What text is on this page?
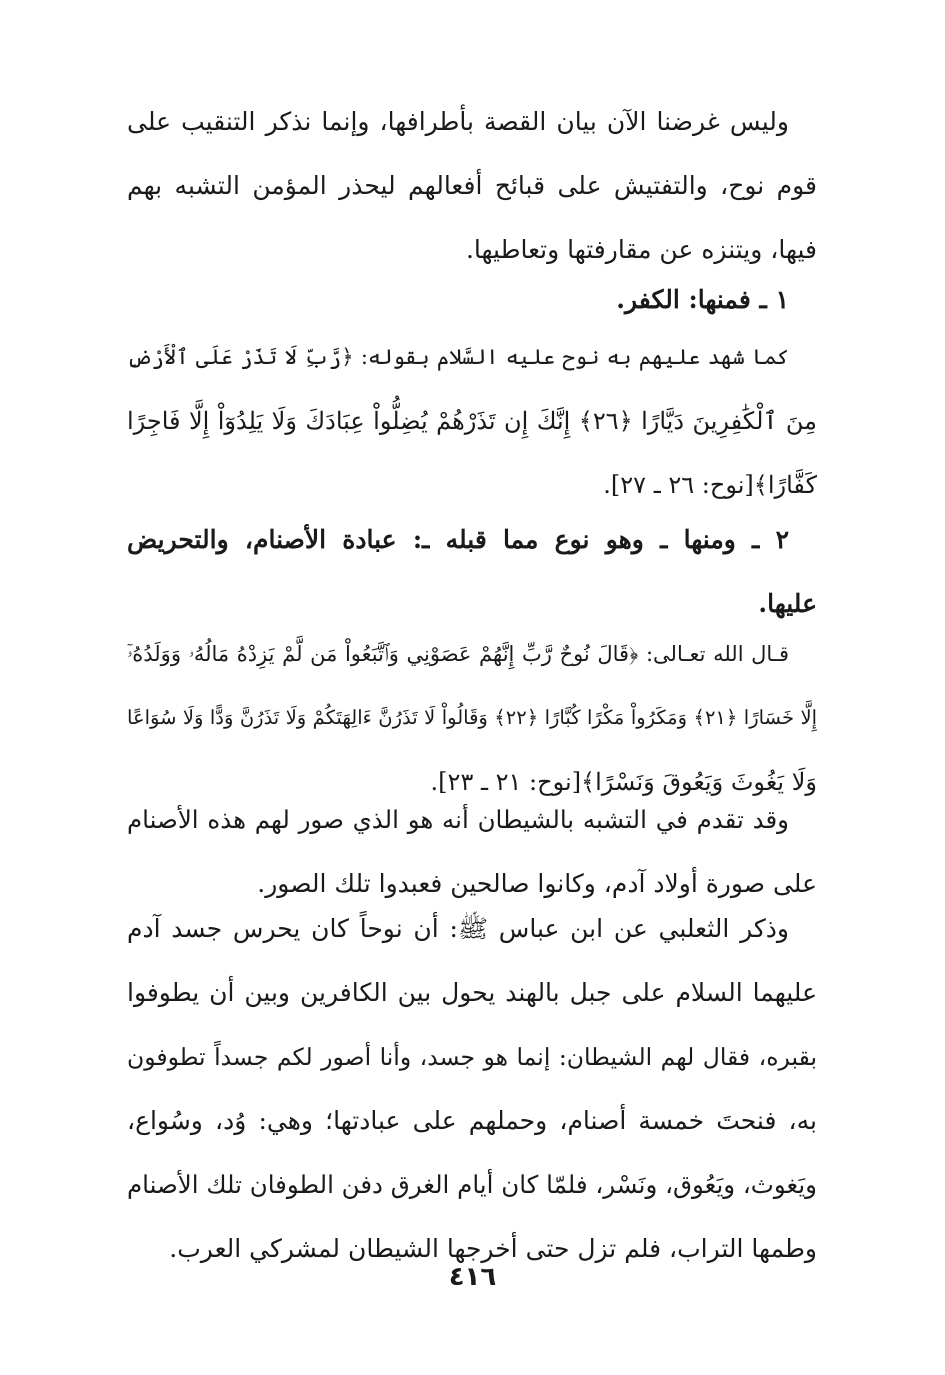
وليس غرضنا الآن بيان القصة بأطرافها، وإنما نذكر التنقيب على
قوم نوح، والتفتيش على قبائح أفعالهم ليحذر المؤمن التشبه بهم
فيها، ويتنزه عن مقارفتها وتعاطيها.
١ ـ فمنها: الكفر.
كما شهد عليهم به نوح عليه السَّلام بقوله: ﴿رَّبِّ لَا تَذَرْ عَلَى ٱلْأَرْضِ
مِنَ ٱلْكَٰفِرِينَ دَيَّارًا ﴿٢٦﴾ إِنَّكَ إِن تَذَرْهُمْ يُضِلُّواْ عِبَادَكَ وَلَا يَلِدُوٓاْ إِلَّا فَاجِرًا
كَفَّارًا﴾[نوح: ٢٦ ـ ٢٧].
٢ ـ ومنها ـ وهو نوع مما قبله ـ: عبادة الأصنام، والتحريض
عليها.
قـال الله تعـالى: ﴿قَالَ نُوحٌ رَّبِّ إِنَّهُمْ عَصَوْنِي وَٱتَّبَعُواْ مَن لَّمْ يَزِدْهُ مَالُهُۥ وَوَلَدُهُۥٓ
إِلَّا خَسَارًا ﴿٢١﴾ وَمَكَرُواْ مَكْرًا كُبَّارًا ﴿٢٢﴾ وَقَالُواْ لَا تَذَرُنَّ ءَالِهَتَكُمْ وَلَا تَذَرُنَّ وَدًّا وَلَا سُوَاعًا
وَلَا يَغُوثَ وَيَعُوقَ وَنَسْرًا﴾[نوح: ٢١ ـ ٢٣].
وقد تقدم في التشبه بالشيطان أنه هو الذي صور لهم هذه الأصنام
على صورة أولاد آدم، وكانوا صالحين فعبدوا تلك الصور.
وذكر الثعلبي عن ابن عباس ﷺ: أن نوحاً كان يحرس جسد آدم
عليهما السلام على جبل بالهند يحول بين الكافرين وبين أن يطوفوا
بقبره، فقال لهم الشيطان: إنما هو جسد، وأنا أصور لكم جسداً تطوفون
به، فنحتَ خمسة أصنام، وحملهم على عبادتها؛ وهي: وُد، وسُواع،
ويَغوث، ويَعُوق، ونَسْر، فلمّا كان أيام الغرق دفن الطوفان تلك الأصنام
وطمها التراب، فلم تزل حتى أخرجها الشيطان لمشركي العرب.
٤١٦
